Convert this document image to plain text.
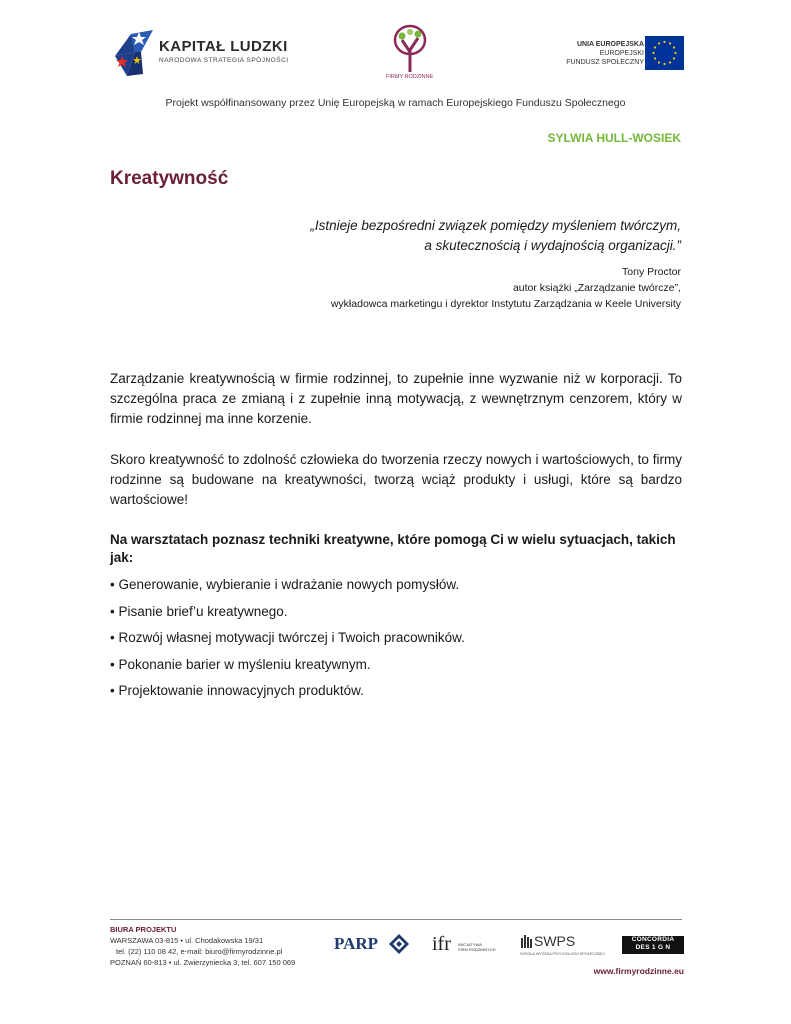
KAPITAŁ LUDZKI
NARODOWA STRATEGIA SPÓJNOŚCI
FIRMY RODZINNE
UNIA EUROPEJSKA
EUROPEJSKI
FUNDUSZ SPOŁECZNY
Projekt współfinansowany przez Unię Europejską w ramach Europejskiego Funduszu Społecznego
SYLWIA HULL-WOSIEK
Kreatywność
„Istnieje bezpośredni związek pomiędzy myśleniem twórczym,
a skutecznością i wydajnością organizacji.”
Tony Proctor
autor książki „Zarządzanie twórcze”,
wykładowca marketingu i dyrektor Instytutu Zarządzania w Keele University
Zarządzanie kreatywnością w firmie rodzinnej, to zupełnie inne wyzwanie niż w korporacji. To szczególna praca ze zmianą i z zupełnie inną motywacją, z wewnętrznym cenzorem, który w firmie rodzinnej ma inne korzenie.
Skoro kreatywność to zdolność człowieka do tworzenia rzeczy nowych i wartościowych, to firmy rodzinne są budowane na kreatywności, tworzą wciąż produkty i usługi, które są bardzo wartościowe!
Na warsztatach poznasz techniki kreatywne, które pomogą Ci w wielu sytuacjach, takich jak:
• Generowanie, wybieranie i wdrażanie nowych pomysłów.
• Pisanie brief’u kreatywnego.
• Rozwój własnej motywacji twórczej i Twoich pracowników.
• Pokonanie barier w myśleniu kreatywnym.
• Projektowanie innowacyjnych produktów.
BIURA PROJEKTU
WARSZAWA 03-815 • ul. Chodakowska 19/31
tel. (22) 110 08 42, e-mail: biuro@firmyrodzinne.pl
POZNAŃ 60-813 • ul. Zwierzyniecka 3, tel. 607 150 069
PARP	ifr INICJATYWA
FIRM RODZINNYCH
SWPS
SZKOŁA WYŻSZA PSYCHOLOGII SPOŁECZNEJ
CONCORDIA
DES 1 G N
www.firmyrodzinne.eu
